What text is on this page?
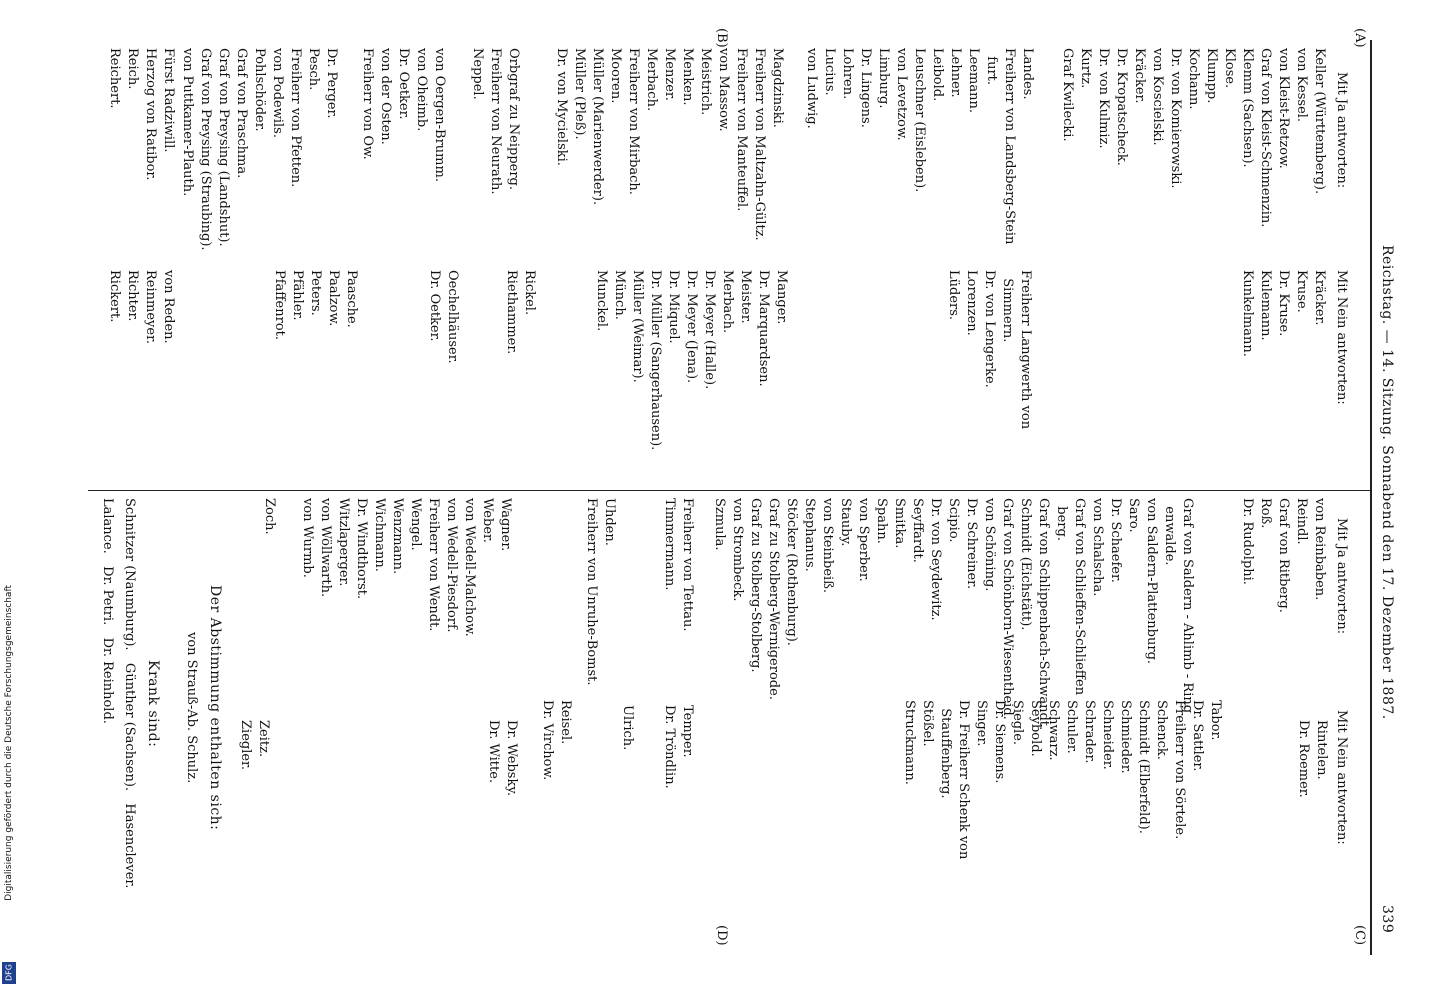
339
Reichstag. — 14. Sitzung. Sonnabend den 17. Dezember 1887.
(A)
(B)
(C)
(D)
Mit Ja antworten:
Keller (Württemberg).
von Kessel.
von Kleist-Retzow.
Graf von Kleist-Schmenzin.
Klemm (Sachsen).
Klose.
Klumpp.
Kochann.
Dr. von Komierowski.
von Koscielski.
Kräcker.
Dr. Kropatscheck.
Dr. von Kulmiz.
Kurtz.
Graf Kwilecki.
Landes.
Freiherr von Landsberg-Stein
furt.
Leemann.
Lehner.
Leibold.
Leuschner (Eisleben).
von Levetzow.
Limburg.
Dr. Lingens.
Lohren.
Lucius.
von Ludwig.
Magdzinski.
Freiherr von Maltzahn-Gültz.
Freiherr von Manteuffel.
von Massow.
Meistrich.
Menken.
Menzer.
Merbach.
Freiherr von Mirbach.
Mooren.
Müller (Marienwerder).
Müller (Pleß).
Dr. von Mycielski.
Orbgraf zu Neipperg.
Freiherr von Neurath.
Neppel.
von Oergen-Brumm.
von Oheimb.
Dr. Oetker.
von der Osten.
Freiherr von Ow.
Dr. Perger.
Pesch.
Freiherr von Pfetten.
von Podewils.
Pohlschöder.
Graf von Praschma.
Graf von Preysing (Landshut).
Graf von Preysing (Straubing).
von Puttkamer-Plauth.
Fürst Radziwill.
Herzog von Ratibor.
Reich.
Reichert.
Mit Nein antworten:
Kräcker.
Kruse.
Dr. Kruse.
Kulemann.
Kunkelmann.
Freiherr Langwerth von
Simmern.
Dr. von Lengerke.
Lorenzen.
Lüders.
Manger.
Dr. Marquardsen.
Meister.
Merbach.
Dr. Meyer (Halle).
Dr. Meyer (Jena).
Dr. Miquel.
Dr. Müller (Sangerhausen).
Müller (Weimar).
Münch.
Munckel.
Rickel.
Riethammer.
Oechelhäuser.
Dr. Oetker.
Paasche.
Paalzow.
Peters.
Pfähler.
Pfaffenrot.
von Reden.
Reinmeyer.
Richter.
Rickert.
Mit Ja antworten:
von Reinbaben.
Reindl.
Graf von Ritberg.
Roß.
Dr. Rudolphi.
Graf von Saldern - Ahlimb - Ring
enwalde.
von Saldern-Plattenburg.
Saro.
Dr. Schaefer.
von Schalscha.
Graf von Schlieffen-Schlieffen
berg.
Graf von Schlippenbach-Schwandt.
Schmidt (Eichstätt).
Graf von Schönborn-Wiesentheid.
von Schöning.
Dr. Schreiner.
Scipio.
Dr. von Seydewitz.
Seyffardt.
Smitka.
Spahn.
von Sperber.
Stauby.
von Steinbeiß.
Stephanus.
Stöcker (Rothenburg).
Graf zu Stolberg-Wernigerode.
Graf zu Stolberg-Stolberg.
von Strombeck.
Szmula.
Freiherr von Tettau.
Timmermann.
Uhden.
Freiherr von Unruhe-Bomst.
Wagner.
Weber.
von Wedell-Malchow.
von Wedell-Piesdorf.
Freiherr von Wendt.
Wengel.
Wenzmann.
Wichmann.
Dr. Windthorst.
Witzlaperger.
von Wöllwarth.
von Wurmb.
Zoch.
Mit Nein antworten:
Rintelen.
Dr. Roemer.
Tabor.
Dr. Sattler.
Freiherr von Sörtele.
Schenck.
Schmidt (Elberfeld).
Schmieder.
Schneider.
Schrader.
Schuler.
Schwarz.
Seybold.
Siegle.
Dr. Siemens.
Singer.
Dr. Freiherr Schenk von
Stauffenberg.
Stößel.
Struckmann.
Temper.
Dr. Tröndlin.
Ulrich.
Dr. Websky.
Dr. Witte.
Reisel.
Dr. Virchow.
Zeitz.
Ziegler.
Der Abstimmung enthalten sich:
von Strauß-Ab. Schulz.
Krank sind:
Schnitzer (Naumburg).   Günther (Sachsen).   Hasenclever.
Lalance.   Dr. Petri.   Dr. Reinhold.
Digitalisierung gefördert durch die Deutsche Forschungsgemeinschaft
DFG
